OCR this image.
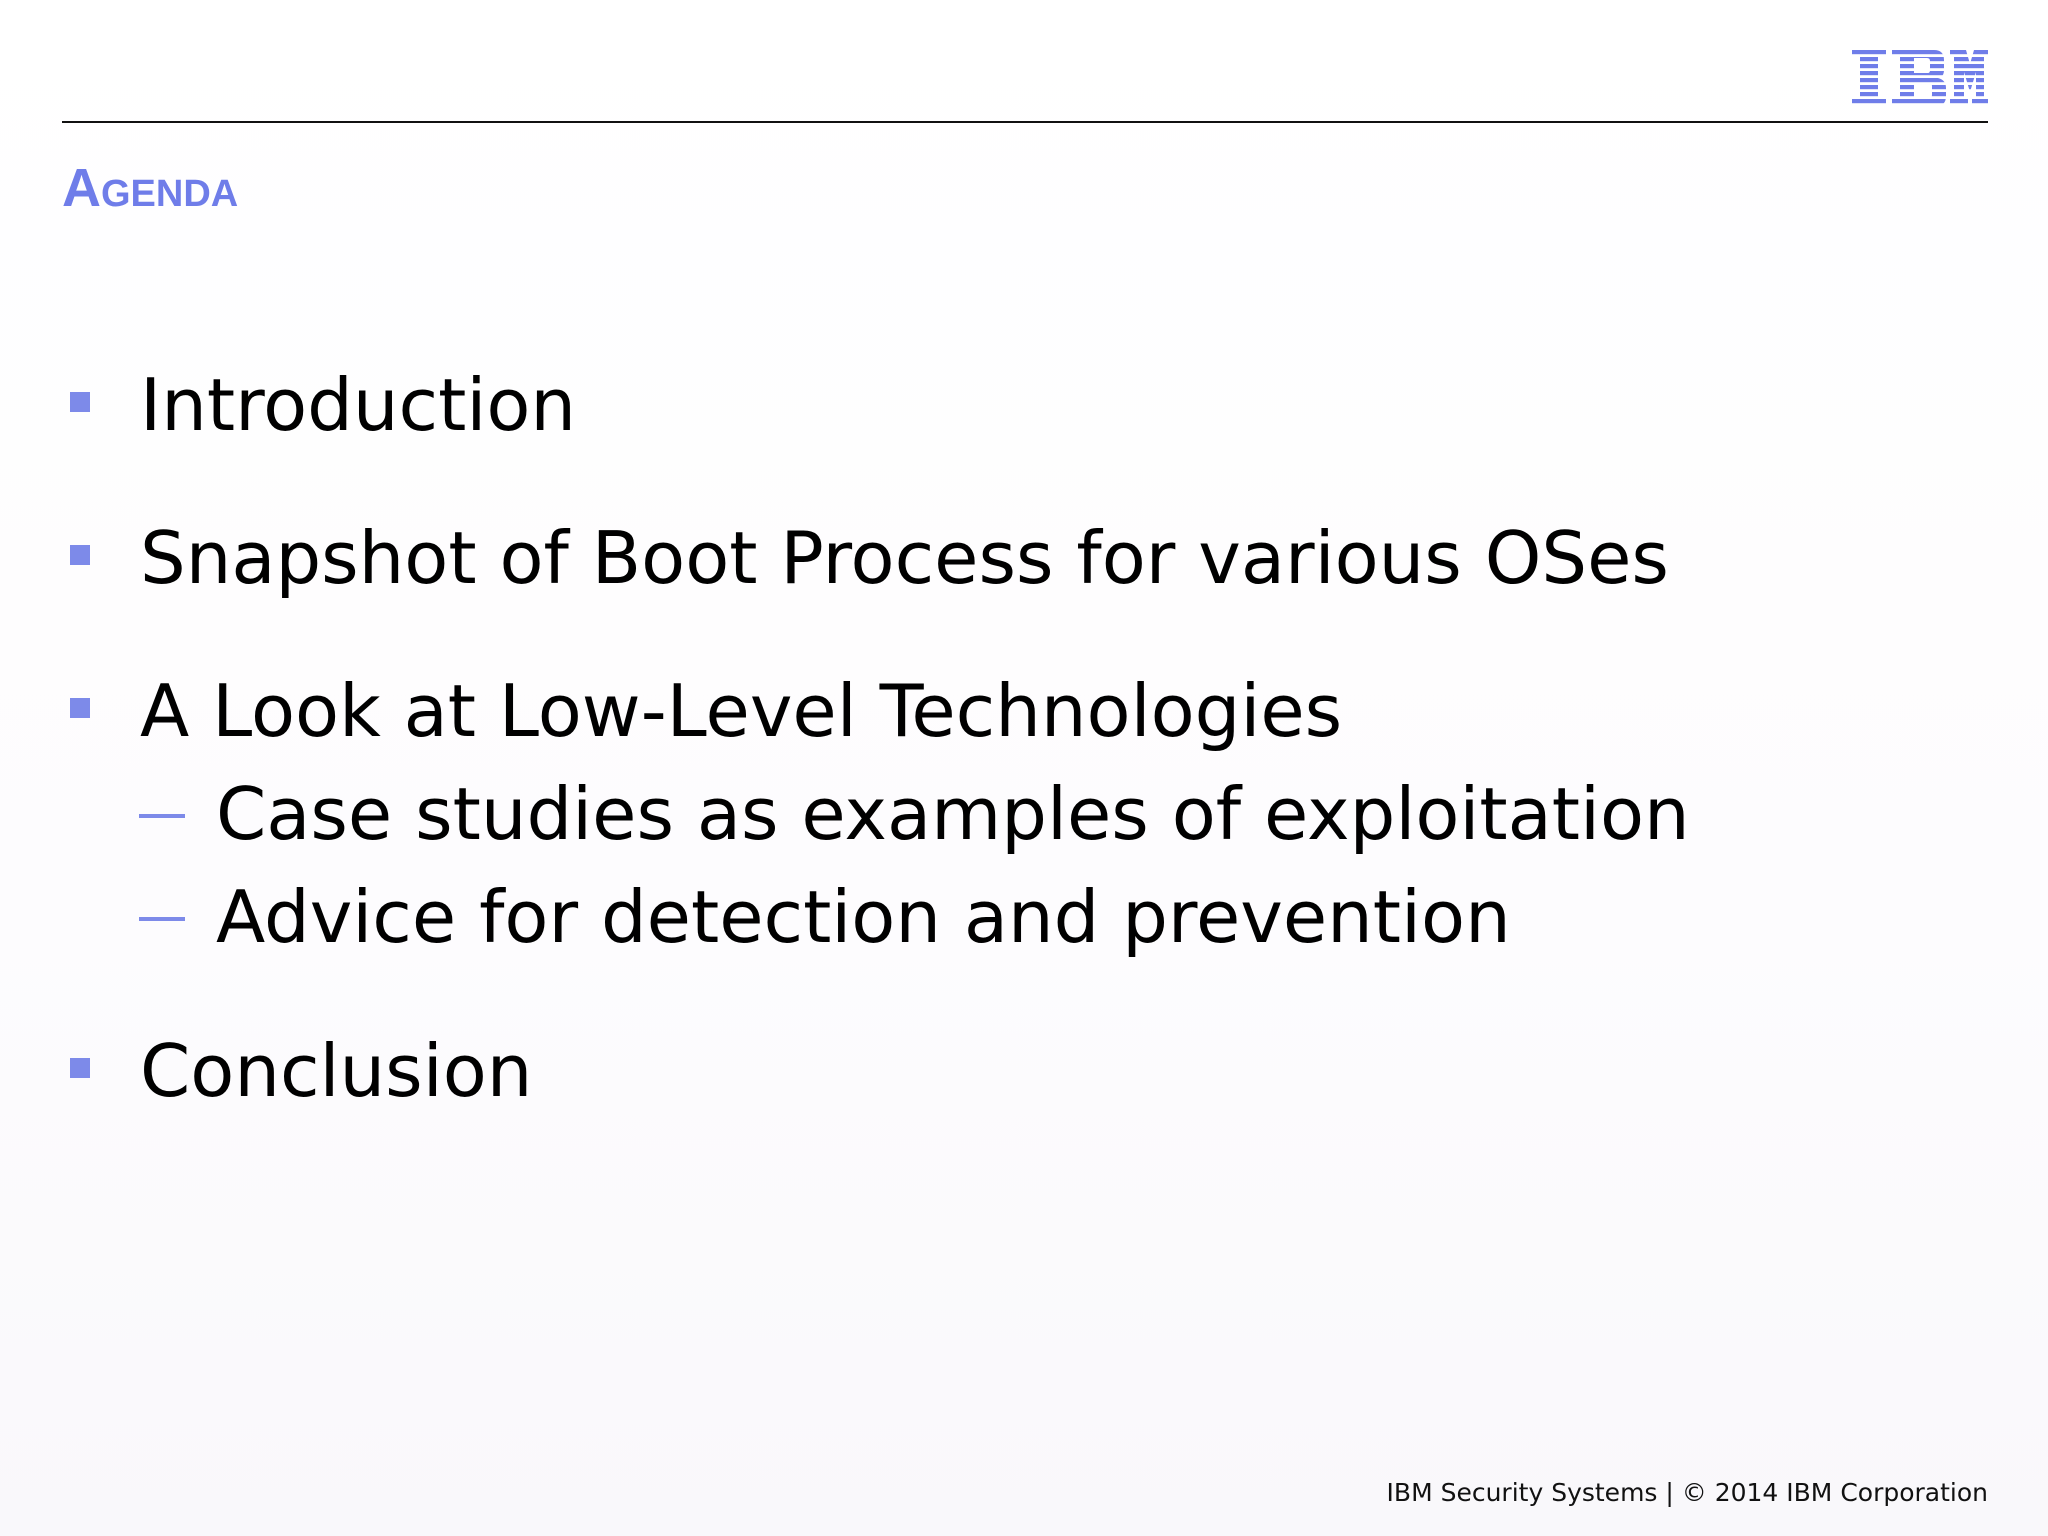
Agenda
Introduction
Snapshot of Boot Process for various OSes
A Look at Low-Level Technologies
Case studies as examples of exploitation
Advice for detection and prevention
Conclusion
IBM Security Systems | © 2014 IBM Corporation
